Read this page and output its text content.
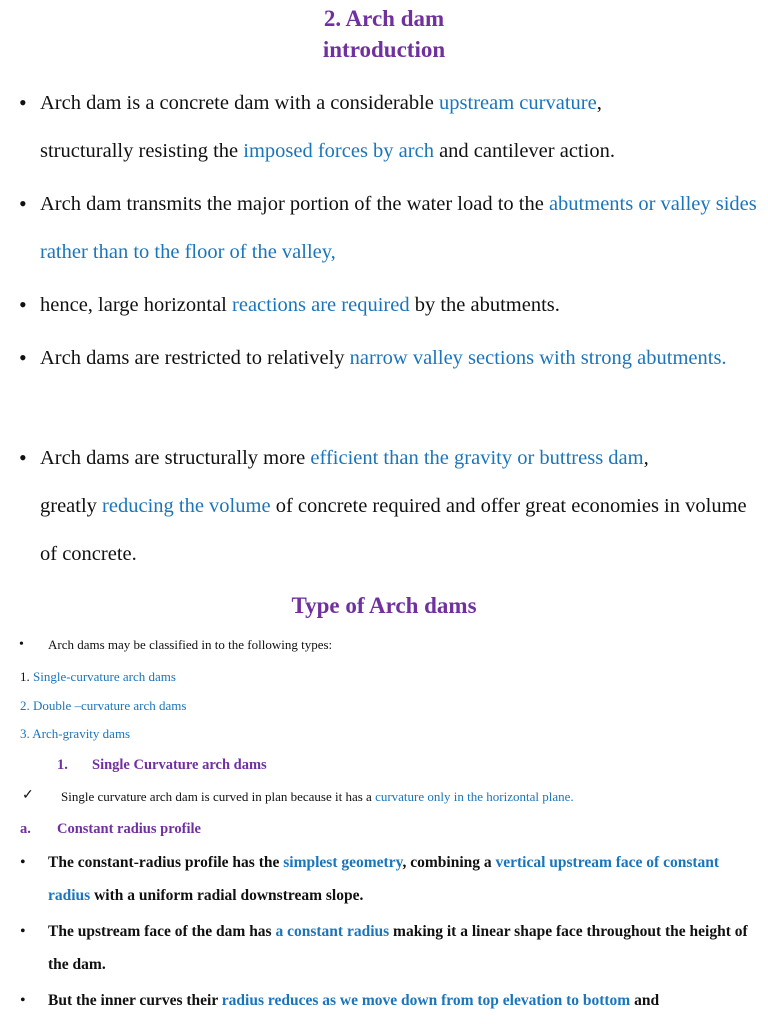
2. Arch dam
introduction
• Arch dam is a concrete dam with a considerable upstream curvature,
structurally resisting the imposed forces by arch and cantilever action.
• Arch dam transmits the major portion of the water load to the abutments or valley sides rather than to the floor of the valley,
• hence, large horizontal reactions are required by the abutments.
• Arch dams are restricted to relatively narrow valley sections with strong abutments.
• Arch dams are structurally more efficient than the gravity or buttress dam,
greatly reducing the volume of concrete required and offer great economies in volume of concrete.
Type of Arch dams
• Arch dams may be classified in to the following types:
1. Single-curvature arch dams
2. Double –curvature arch dams
3. Arch-gravity dams
1. Single Curvature arch dams
✓ Single curvature arch dam is curved in plan because it has a curvature only in the horizontal plane.
a. Constant radius profile
• The constant-radius profile has the simplest geometry, combining a vertical upstream face of constant radius with a uniform radial downstream slope.
• The upstream face of the dam has a constant radius making it a linear shape face throughout the height of the dam.
• But the inner curves their radius reduces as we move down from top elevation to bottom and
